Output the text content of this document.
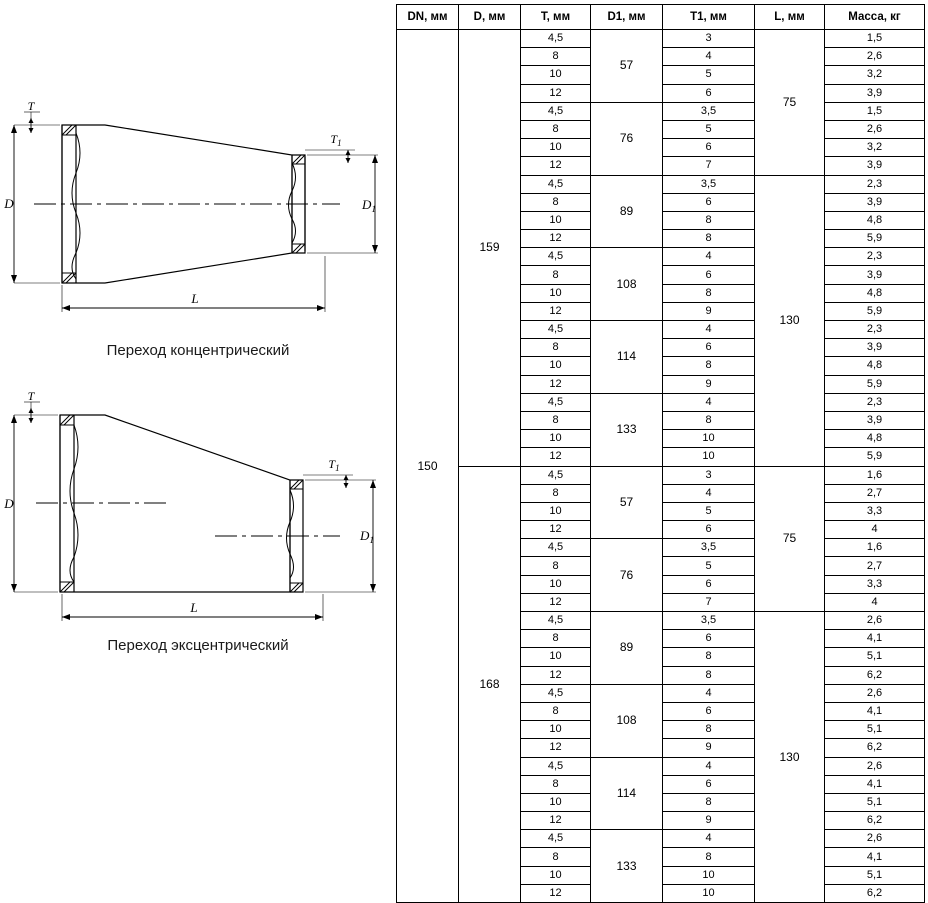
D	$D_1$
T
$T_1$
L
Переход концентрический
D
$D_1$
T
$T_1$
L
Переход эксцентрический
DN, мм	D, мм	T, мм	D1, мм	T1, мм	L, мм	Масса, кг
150	159	4,5	57	3	75	1,5
		8		4		2,6
		10		5		3,2
		12		6		3,9
		4,5	76	3,5		1,5
		8		5		2,6
		10		6		3,2
		12		7		3,9
		4,5	89	3,5	130	2,3
		8		6		3,9
		10		8		4,8
		12		8		5,9
		4,5	108	4		2,3
		8		6		3,9
		10		8		4,8
		12		9		5,9
		4,5	114	4		2,3
		8		6		3,9
		10		8		4,8
		12		9		5,9
		4,5	133	4		2,3
		8		8		3,9
		10		10		4,8
		12		10		5,9
	168	4,5	57	3	75	1,6
		8		4		2,7
		10		5		3,3
		12		6		4
		4,5	76	3,5		1,6
		8		5		2,7
		10		6		3,3
		12		7		4
		4,5	89	3,5	130	2,6
		8		6		4,1
		10		8		5,1
		12		8		6,2
		4,5	108	4		2,6
		8		6		4,1
		10		8		5,1
		12		9		6,2
		4,5	114	4		2,6
		8		6		4,1
		10		8		5,1
		12		9		6,2
		4,5	133	4		2,6
		8		8		4,1
		10		10		5,1
		12		10		6,2
